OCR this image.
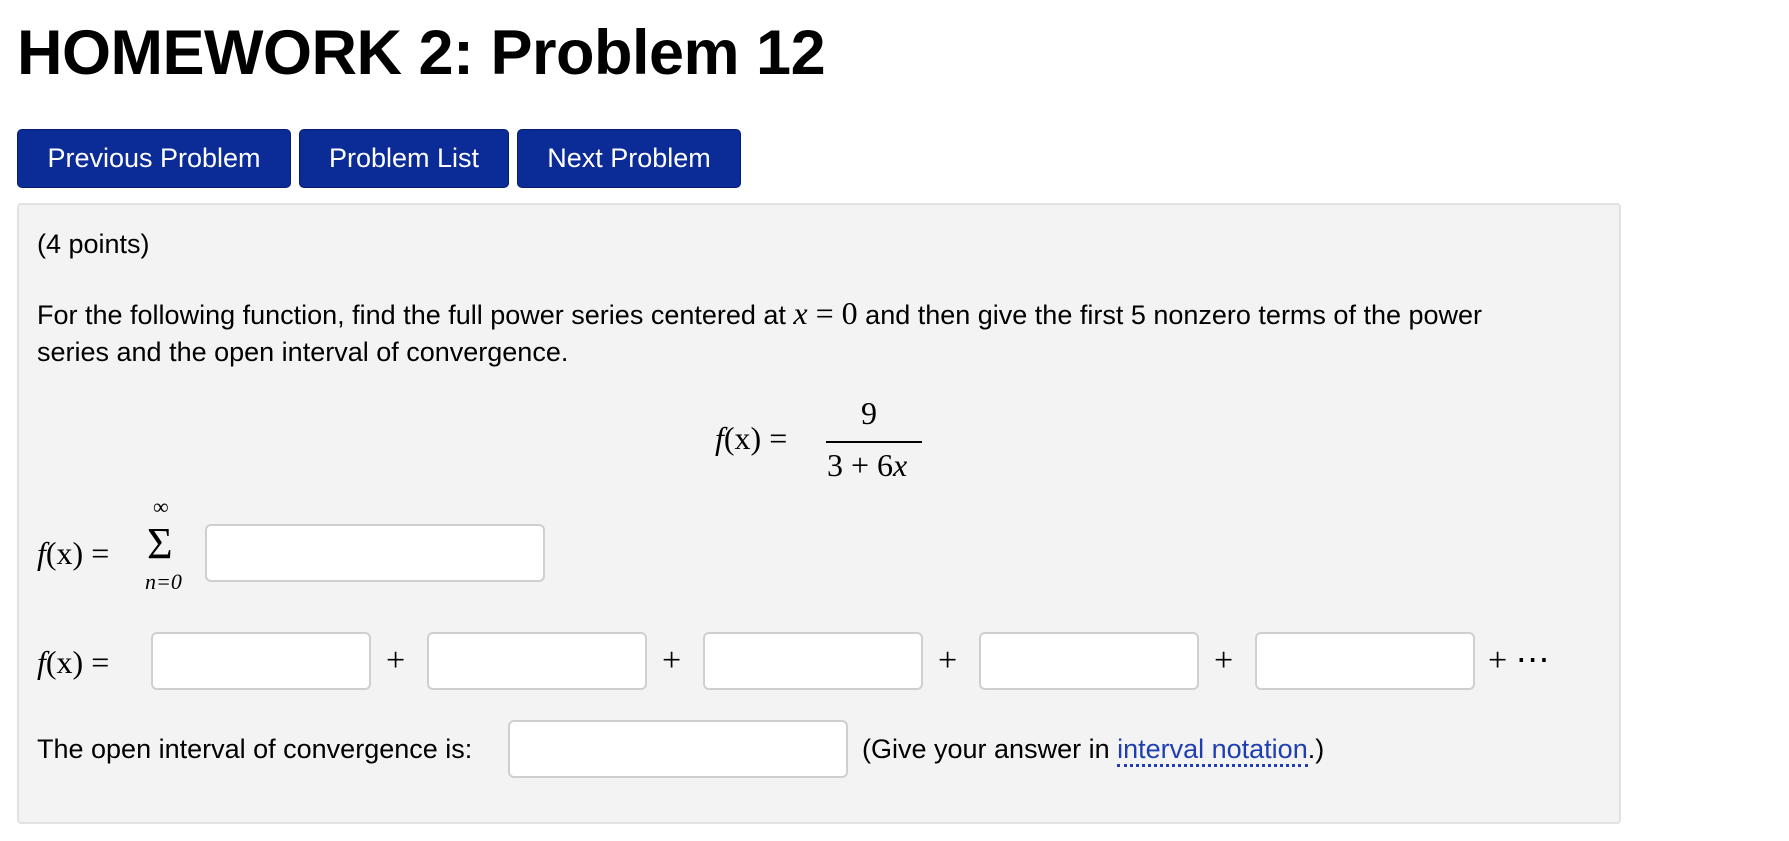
HOMEWORK 2: Problem 12
Previous Problem	Problem List	Next Problem
(4 points)
For the following function, find the full power series centered at x = 0 and then give the first 5 nonzero terms of the power
series and the open interval of convergence.
f(x) =
9
3 + 6x
f(x) =
∞
Σ
n=0
f(x) =	+	+	+	+	+ ⋯
The open interval of convergence is:	(Give your answer in interval notation.)
